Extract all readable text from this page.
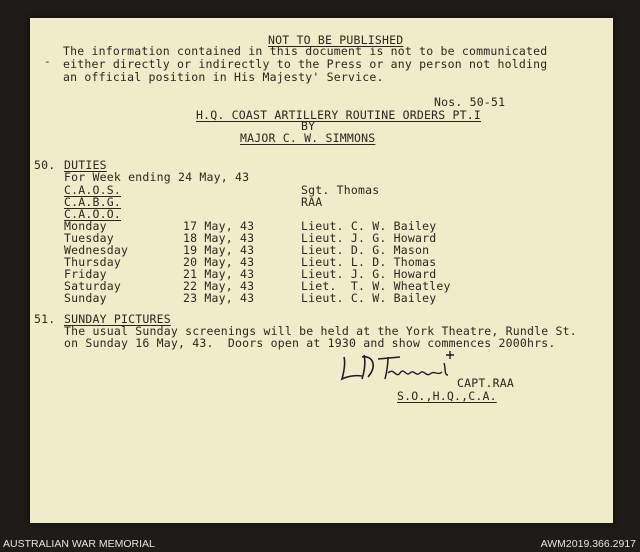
NOT TO BE PUBLISHED
The information contained in this document is not to be communicated
either directly or indirectly to the Press or any person not holding
an official position in His Majesty' Service.
-
Nos. 50-51
H.Q. COAST ARTILLERY ROUTINE ORDERS PT.I
BY
MAJOR C. W. SIMMONS
50. DUTIES
For Week ending 24 May, 43
C.A.O.S.	Sgt. Thomas
C.A.B.G.	RAA
C.A.O.O.
Monday	17 May, 43	Lieut. C. W. Bailey
Tuesday	18 May, 43	Lieut. J. G. Howard
Wednesday	19 May, 43	Lieut. D. G. Mason
Thursday	20 May, 43	Lieut. L. D. Thomas
Friday	21 May, 43	Lieut. J. G. Howard
Saturday	22 May, 43	Liet.  T. W. Wheatley
Sunday	23 May, 43	Lieut. C. W. Bailey
51. SUNDAY PICTURES
The usual Sunday screenings will be held at the York Theatre, Rundle St.
on Sunday 16 May, 43.  Doors open at 1930 and show commences 2000hrs.
CAPT.RAA
S.O.,H.Q.,C.A.
AUSTRALIAN WAR MEMORIAL	AWM2019.366.2917
